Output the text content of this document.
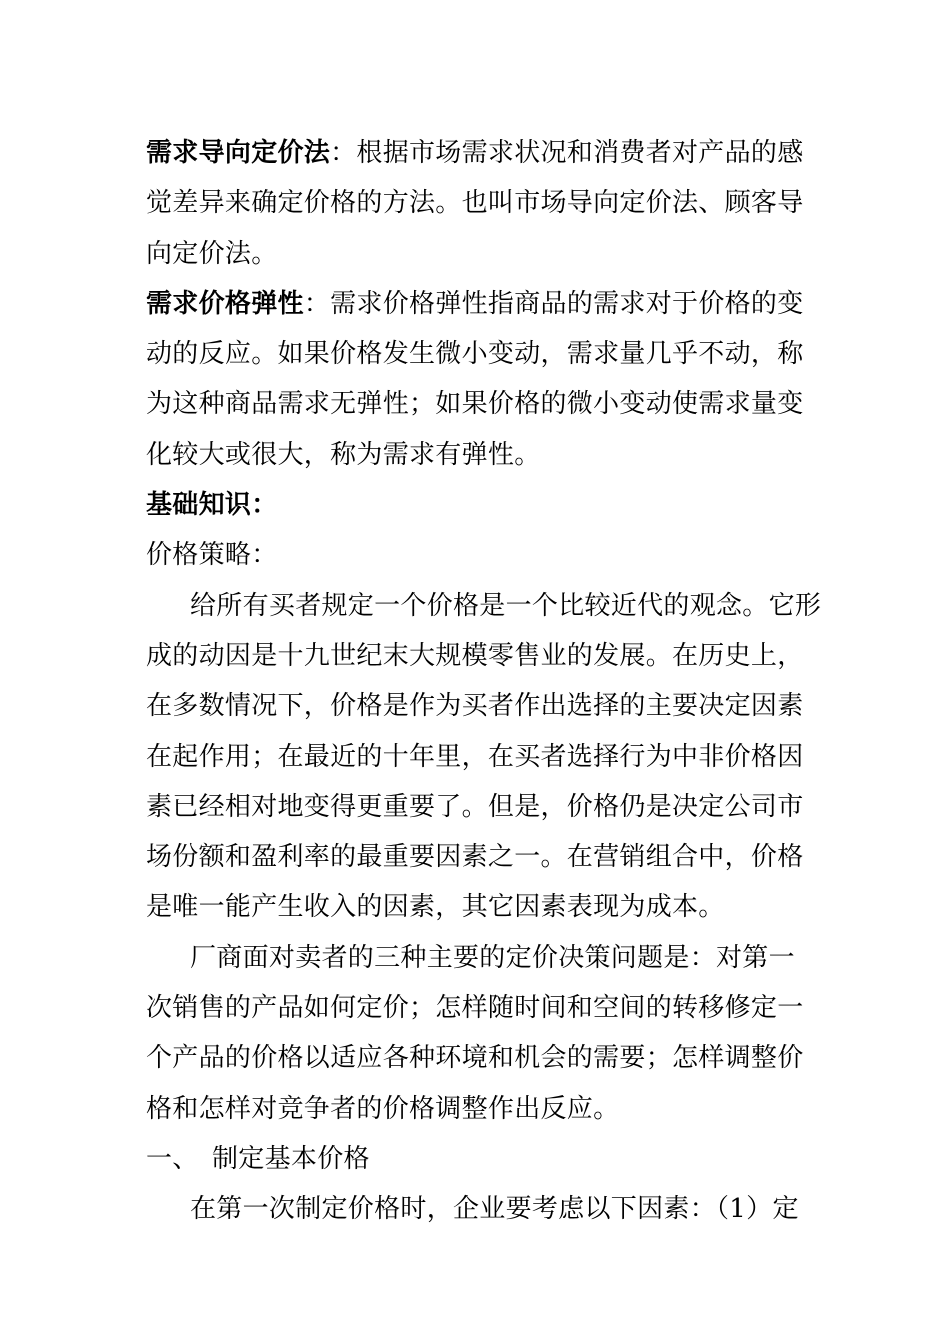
需求导向定价法：根据市场需求状况和消费者对产品的感
觉差异来确定价格的方法。也叫市场导向定价法、顾客导
向定价法。
需求价格弹性：需求价格弹性指商品的需求对于价格的变
动的反应。如果价格发生微小变动，需求量几乎不动，称
为这种商品需求无弹性；如果价格的微小变动使需求量变
化较大或很大，称为需求有弹性。
基础知识：
价格策略：
给所有买者规定一个价格是一个比较近代的观念。它形
成的动因是十九世纪末大规模零售业的发展。在历史上，
在多数情况下，价格是作为买者作出选择的主要决定因素
在起作用；在最近的十年里，在买者选择行为中非价格因
素已经相对地变得更重要了。但是，价格仍是决定公司市
场份额和盈利率的最重要因素之一。在营销组合中，价格
是唯一能产生收入的因素，其它因素表现为成本。
厂商面对卖者的三种主要的定价决策问题是：对第一
次销售的产品如何定价；怎样随时间和空间的转移修定一
个产品的价格以适应各种环境和机会的需要；怎样调整价
格和怎样对竞争者的价格调整作出反应。
一、 制定基本价格
在第一次制定价格时，企业要考虑以下因素：（1）定
